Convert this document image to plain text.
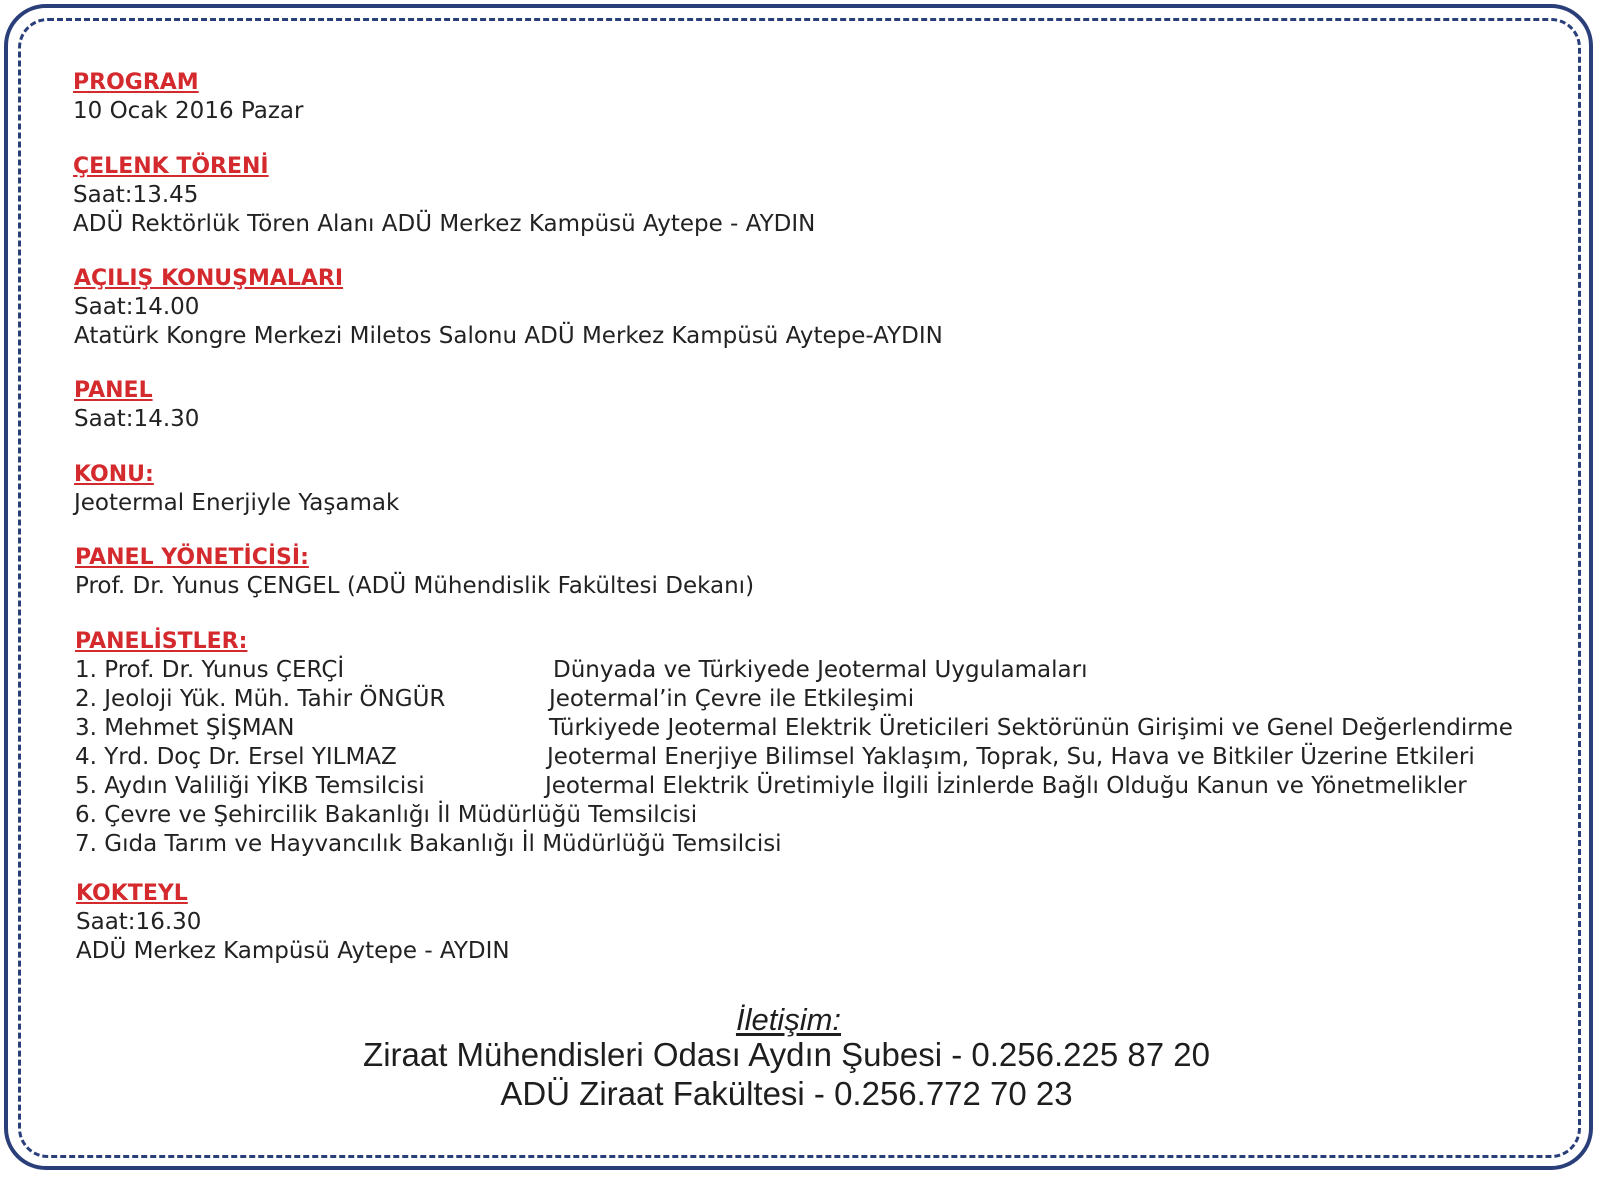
PROGRAM
10 Ocak 2016 Pazar
ÇELENK TÖRENİ
Saat:13.45
ADÜ Rektörlük Tören Alanı ADÜ Merkez Kampüsü Aytepe - AYDIN
AÇILIŞ KONUŞMALARI
Saat:14.00
Atatürk Kongre Merkezi Miletos Salonu ADÜ Merkez Kampüsü Aytepe-AYDIN
PANEL
Saat:14.30
KONU:
Jeotermal Enerjiyle Yaşamak
PANEL YÖNETİCİSİ:
Prof. Dr. Yunus ÇENGEL (ADÜ Mühendislik Fakültesi Dekanı)
PANELİSTLER:
1. Prof. Dr. Yunus ÇERÇİ	Dünyada ve Türkiyede Jeotermal Uygulamaları
2. Jeoloji Yük. Müh. Tahir ÖNGÜR	Jeotermal’in Çevre ile Etkileşimi
3. Mehmet ŞİŞMAN	Türkiyede Jeotermal Elektrik Üreticileri Sektörünün Girişimi ve Genel Değerlendirme
4. Yrd. Doç Dr. Ersel YILMAZ	Jeotermal Enerjiye Bilimsel Yaklaşım, Toprak, Su, Hava ve Bitkiler Üzerine Etkileri
5. Aydın Valiliği YİKB Temsilcisi	Jeotermal Elektrik Üretimiyle İlgili İzinlerde Bağlı Olduğu Kanun ve Yönetmelikler
6. Çevre ve Şehircilik Bakanlığı İl Müdürlüğü Temsilcisi
7. Gıda Tarım ve Hayvancılık Bakanlığı İl Müdürlüğü Temsilcisi
KOKTEYL
Saat:16.30
ADÜ Merkez Kampüsü Aytepe - AYDIN
İletişim:
Ziraat Mühendisleri Odası Aydın Şubesi - 0.256.225 87 20
ADÜ Ziraat Fakültesi - 0.256.772 70 23
